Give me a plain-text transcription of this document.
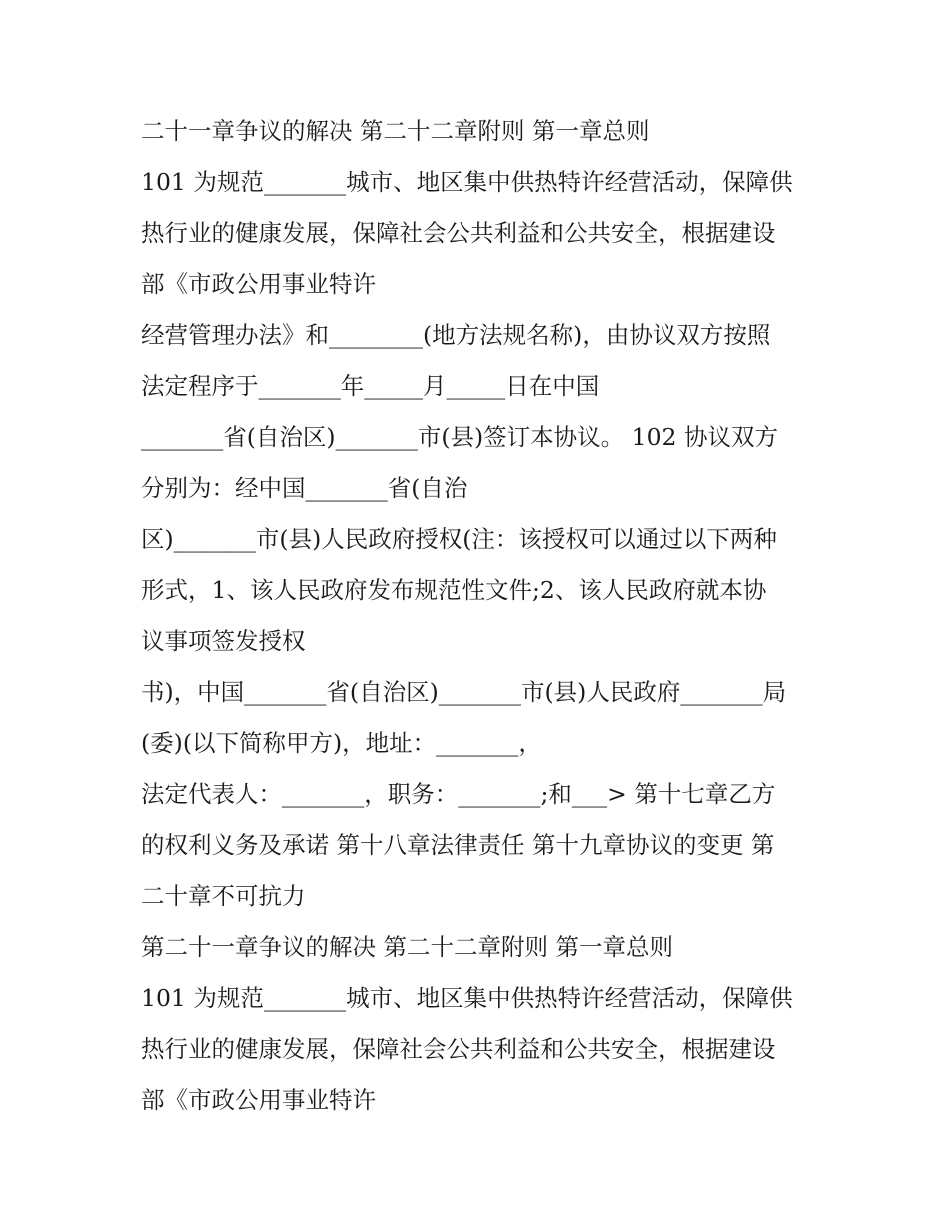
二十一章争议的解决 第二十二章附则 第一章总则
101 为规范_______城市、地区集中供热特许经营活动，保障供
热行业的健康发展，保障社会公共利益和公共安全，根据建设
部《市政公用事业特许
经营管理办法》和________(地方法规名称)，由协议双方按照
法定程序于_______年_____月_____日在中国
_______省(自治区)_______市(县)签订本协议。 102 协议双方
分别为：经中国_______省(自治
区)_______市(县)人民政府授权(注：该授权可以通过以下两种
形式，1、该人民政府发布规范性文件;2、该人民政府就本协
议事项签发授权
书)，中国_______省(自治区)_______市(县)人民政府_______局
(委)(以下简称甲方)，地址：_______，
法定代表人：_______，职务：_______;和___> 第十七章乙方
的权利义务及承诺 第十八章法律责任 第十九章协议的变更 第
二十章不可抗力
第二十一章争议的解决 第二十二章附则 第一章总则
101 为规范_______城市、地区集中供热特许经营活动，保障供
热行业的健康发展，保障社会公共利益和公共安全，根据建设
部《市政公用事业特许
